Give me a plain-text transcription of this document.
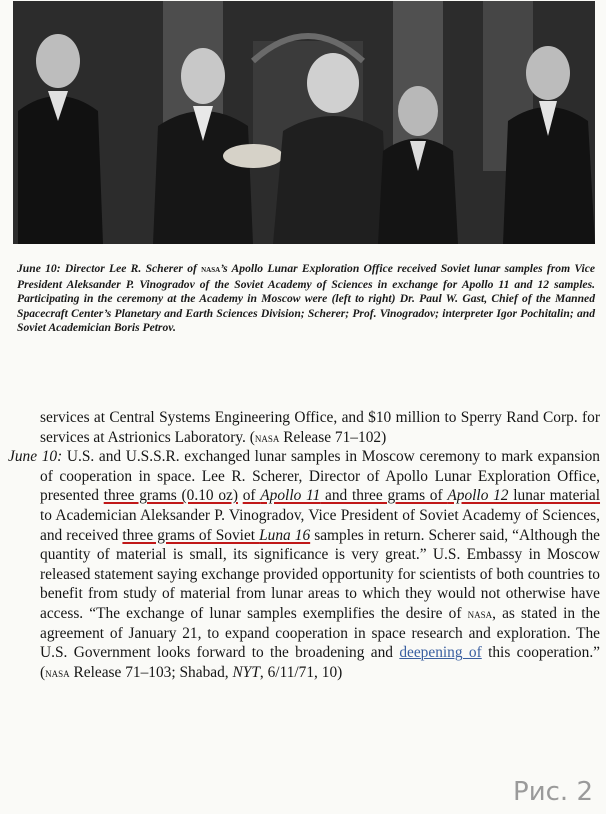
June 10: Director Lee R. Scherer of nasa’s Apollo Lunar Exploration Office received Soviet lunar samples from Vice President Aleksander P. Vinogradov of the Soviet Academy of Sciences in exchange for Apollo 11 and 12 samples. Participating in the ceremony at the Academy in Moscow were (left to right) Dr. Paul W. Gast, Chief of the Manned Spacecraft Center’s Planetary and Earth Sciences Division; Scherer; Prof. Vinogradov; interpreter Igor Pochitalin; and Soviet Academician Boris Petrov.

services at Central Systems Engineering Office, and $10 million to Sperry Rand Corp. for services at Astrionics Laboratory. (nasa Release 71–102)

June 10: U.S. and U.S.S.R. exchanged lunar samples in Moscow ceremony to mark expansion of cooperation in space. Lee R. Scherer, Director of Apollo Lunar Exploration Office, presented three grams (0.10 oz) of Apollo 11 and three grams of Apollo 12 lunar material to Academician Aleksander P. Vinogradov, Vice President of Soviet Academy of Sciences, and received three grams of Soviet Luna 16 samples in return. Scherer said, “Although the quantity of material is small, its significance is very great.” U.S. Embassy in Moscow released statement saying exchange provided opportunity for scientists of both countries to benefit from study of material from lunar areas to which they would not otherwise have access. “The exchange of lunar samples exemplifies the desire of nasa, as stated in the agreement of January 21, to expand cooperation in space research and exploration. The U.S. Government looks forward to the broadening and deepening of this cooperation.” (nasa Release 71–103; Shabad, NYT, 6/11/71, 10)

Рис. 2
